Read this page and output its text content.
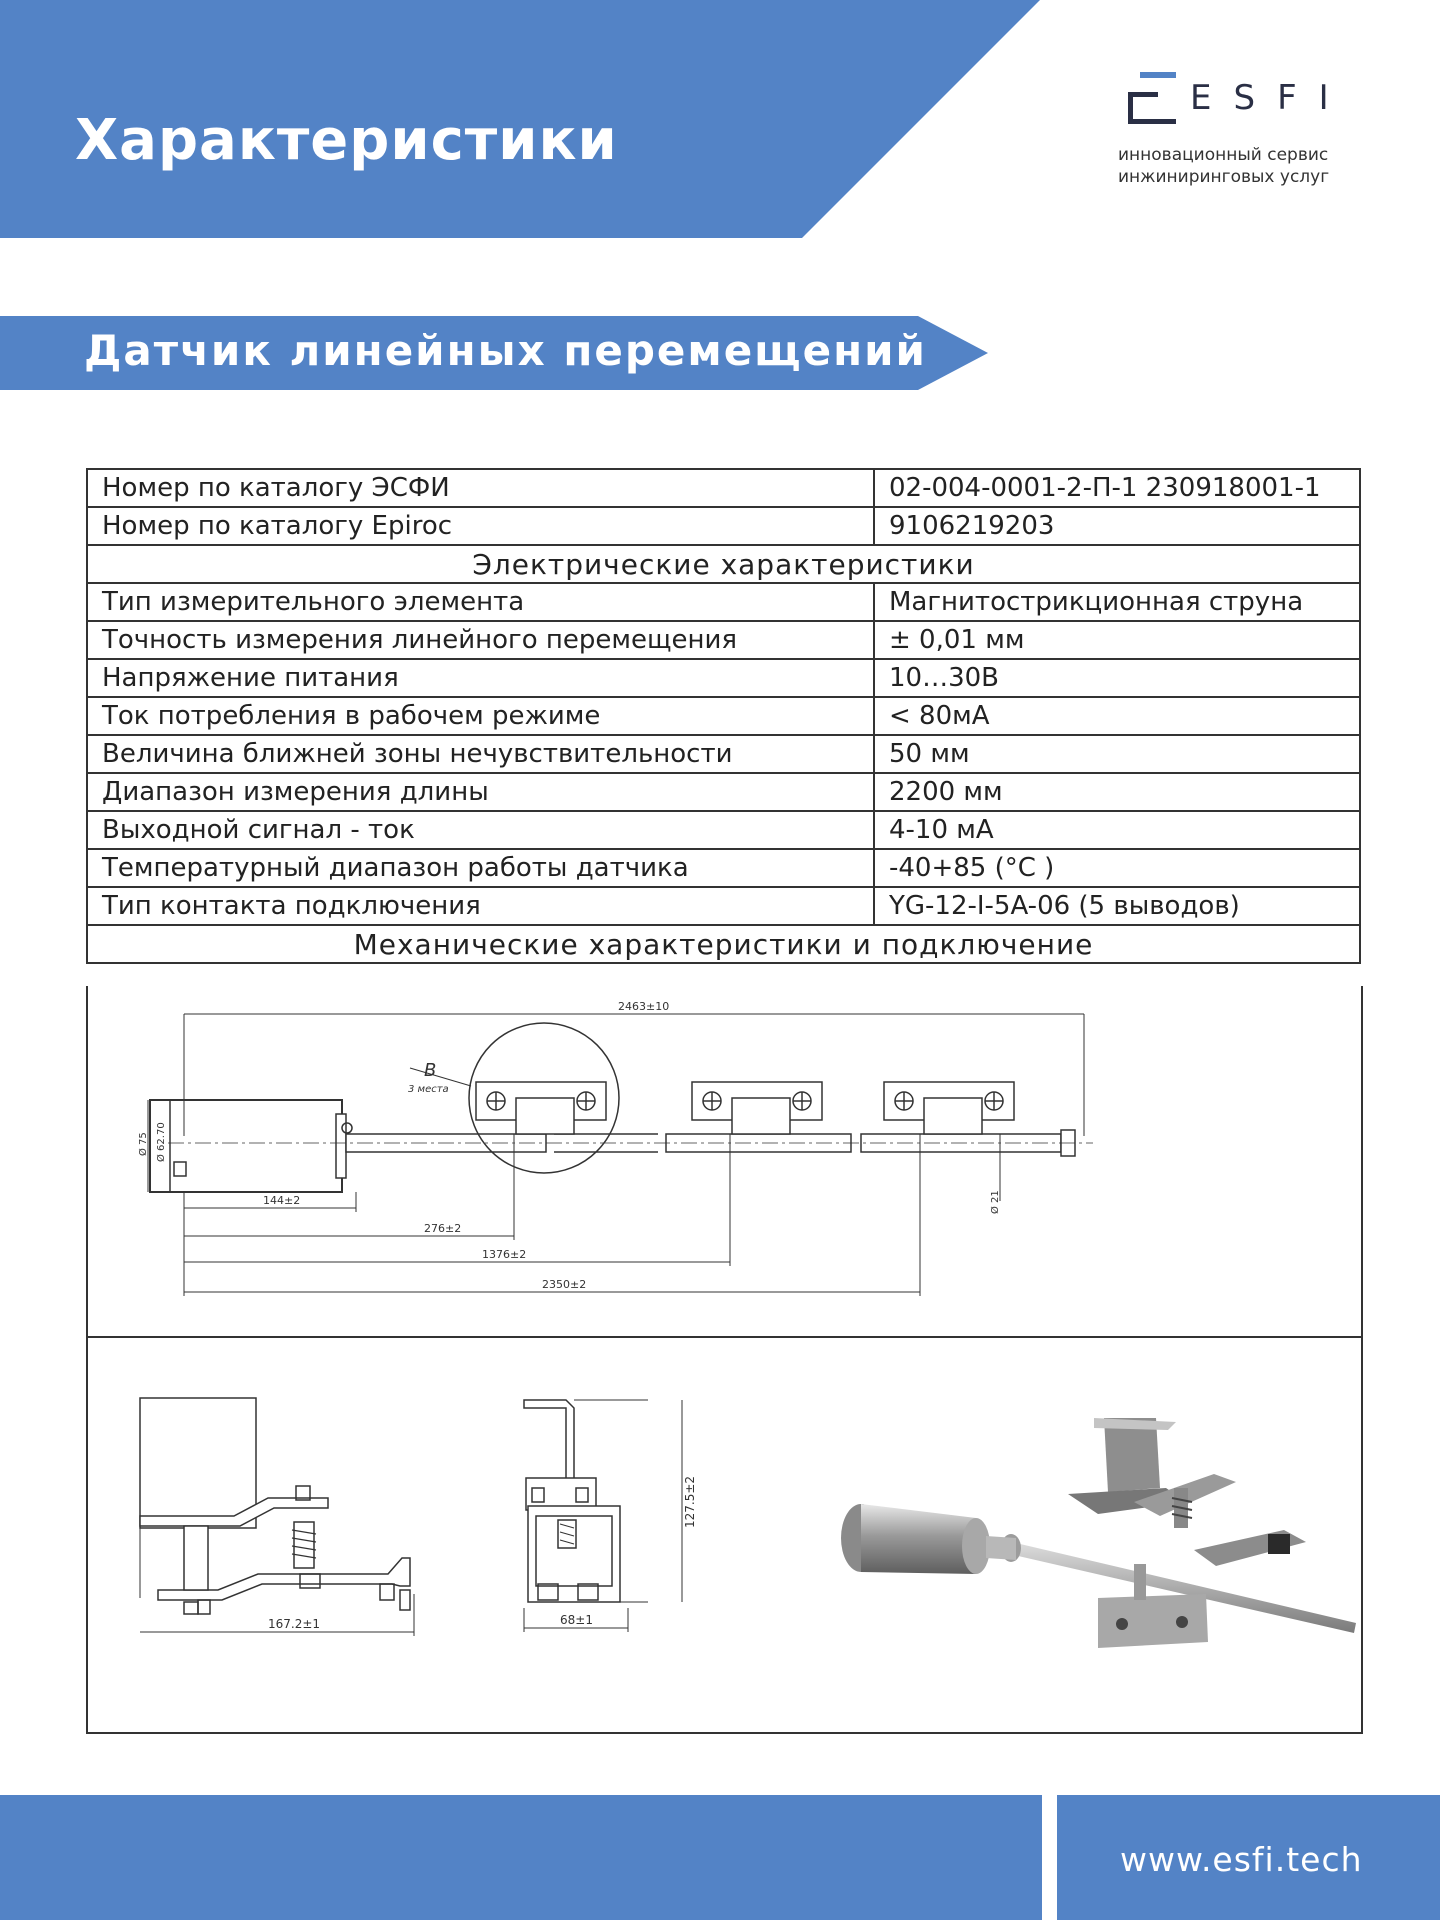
Характеристики
ESFI
инновационный сервис
инжиниринговых услуг
Датчик линейных перемещений
Номер по каталогу ЭСФИ	02-004-0001-2-П-1 230918001-1
Номер по каталогу Epiroc	9106219203
Электрические характеристики	
Тип измерительного элемента	Магнитострикционная струна
Точность измерения линейного перемещения	± 0,01 мм
Напряжение питания	10…30В
Ток потребления в рабочем режиме	< 80мА
Величина ближней зоны нечувствительности	50 мм
Диапазон измерения длины	2200 мм
Выходной сигнал - ток	4-10 мА
Температурный диапазон работы датчика	-40+85 (°С )
Тип контакта подключения	YG-12-I-5A-06 (5 выводов)
Механические характеристики и подключение	
2463±10
B
3 места
Ø 75 Ø 62.70
Ø 21
144±2
276±2
1376±2
2350±2
167.2±1	68±1
127.5±2
www.esfi.tech
